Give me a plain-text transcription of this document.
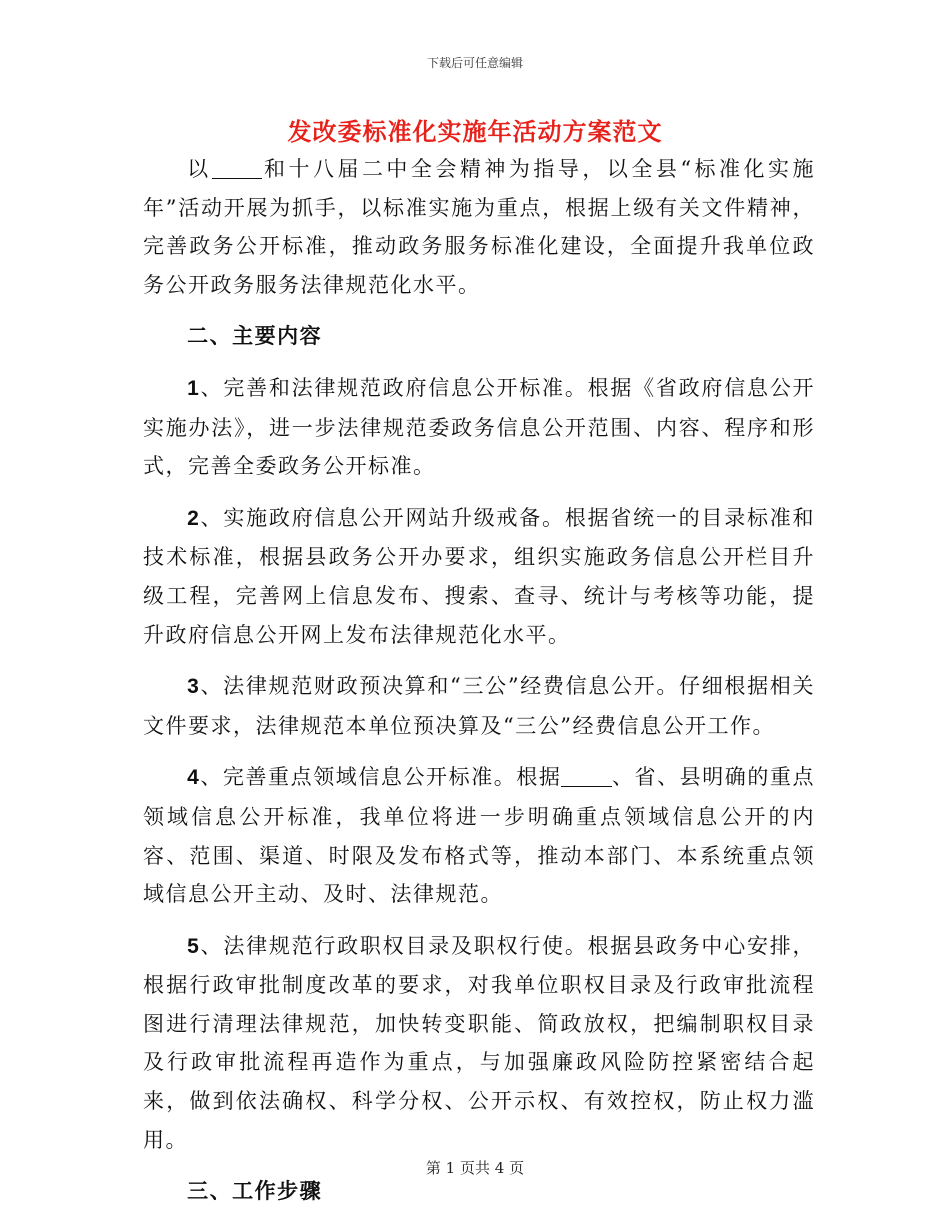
下载后可任意编辑
发改委标准化实施年活动方案范文

以 和十八届二中全会精神为指导，以全县“标准化实施年”活动开展为抓手，以标准实施为重点，根据上级有关文件精神，完善政务公开标准，推动政务服务标准化建设，全面提升我单位政务公开政务服务法律规范化水平。

二、主要内容

1、完善和法律规范政府信息公开标准。根据《省政府信息公开实施办法》，进一步法律规范委政务信息公开范围、内容、程序和形式，完善全委政务公开标准。

2、实施政府信息公开网站升级戒备。根据省统一的目录标准和技术标准，根据县政务公开办要求，组织实施政务信息公开栏目升级工程，完善网上信息发布、搜索、查寻、统计与考核等功能，提升政府信息公开网上发布法律规范化水平。

3、法律规范财政预决算和“三公”经费信息公开。仔细根据相关文件要求，法律规范本单位预决算及“三公”经费信息公开工作。

4、完善重点领域信息公开标准。根据 、省、县明确的重点领域信息公开标准，我单位将进一步明确重点领域信息公开的内容、范围、渠道、时限及发布格式等，推动本部门、本系统重点领域信息公开主动、及时、法律规范。

5、法律规范行政职权目录及职权行使。根据县政务中心安排，根据行政审批制度改革的要求，对我单位职权目录及行政审批流程图进行清理法律规范，加快转变职能、简政放权，把编制职权目录及行政审批流程再造作为重点，与加强廉政风险防控紧密结合起来，做到依法确权、科学分权、公开示权、有效控权，防止权力滥用。

三、工作步骤

第 1 页共 4 页
